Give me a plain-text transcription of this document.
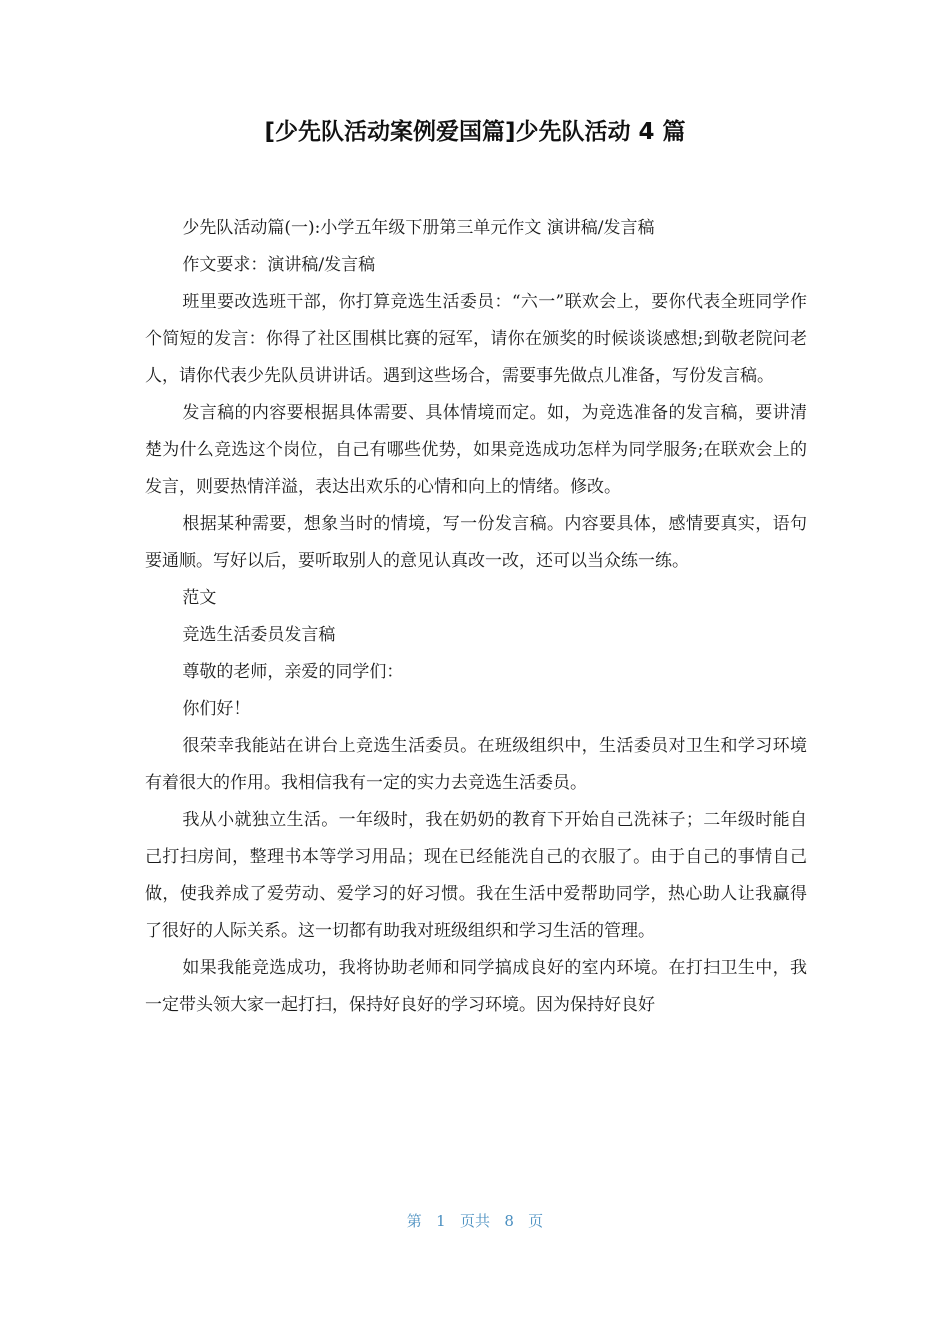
[少先队活动案例爱国篇]少先队活动 4 篇

少先队活动篇(一):小学五年级下册第三单元作文 演讲稿/发言稿

作文要求：演讲稿/发言稿

班里要改选班干部，你打算竞选生活委员：“六一”联欢会上，要你代表全班同学作个简短的发言：你得了社区围棋比赛的冠军，请你在颁奖的时候谈谈感想;到敬老院问老人，请你代表少先队员讲讲话。遇到这些场合，需要事先做点儿准备，写份发言稿。

发言稿的内容要根据具体需要、具体情境而定。如，为竞选准备的发言稿，要讲清楚为什么竞选这个岗位，自己有哪些优势，如果竞选成功怎样为同学服务;在联欢会上的发言，则要热情洋溢，表达出欢乐的心情和向上的情绪。修改。

根据某种需要，想象当时的情境，写一份发言稿。内容要具体，感情要真实，语句要通顺。写好以后，要听取别人的意见认真改一改，还可以当众练一练。

范文

竞选生活委员发言稿

尊敬的老师，亲爱的同学们：

你们好！

很荣幸我能站在讲台上竞选生活委员。在班级组织中，生活委员对卫生和学习环境有着很大的作用。我相信我有一定的实力去竞选生活委员。

我从小就独立生活。一年级时，我在奶奶的教育下开始自己洗袜子；二年级时能自己打扫房间，整理书本等学习用品；现在已经能洗自己的衣服了。由于自己的事情自己做，使我养成了爱劳动、爱学习的好习惯。我在生活中爱帮助同学，热心助人让我赢得了很好的人际关系。这一切都有助我对班级组织和学习生活的管理。

如果我能竞选成功，我将协助老师和同学搞成良好的室内环境。在打扫卫生中，我一定带头领大家一起打扫，保持好良好的学习环境。因为保持好良好

第 1 页共 8 页
